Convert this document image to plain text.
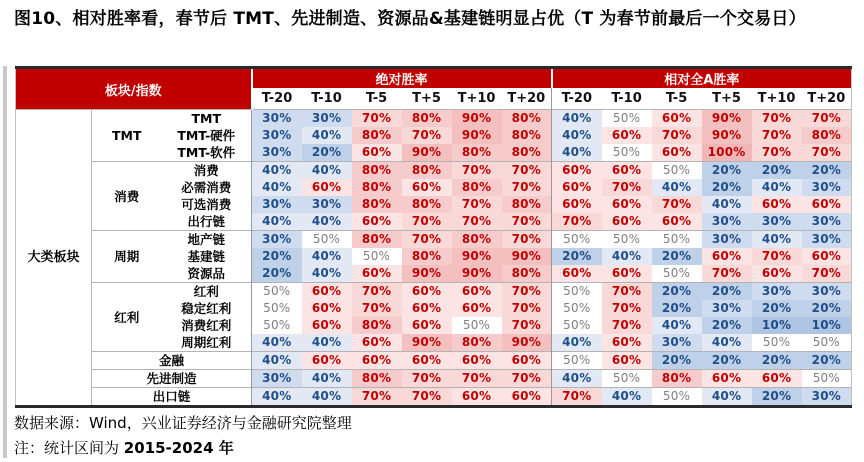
图10、相对胜率看，春节后 TMT、先进制造、资源品&基建链明显占优（T 为春节前最后一个交易日）
板块/指数			绝对胜率						相对全A胜率					
			T-20	T-10	T-5	T+5	T+10	T+20	T-20	T-10	T-5	T+5	T+10	T+20
大类板块	TMT	TMT	30%	30%	70%	80%	90%	80%	40%	50%	60%	90%	70%	70%
		TMT-硬件	30%	40%	80%	70%	90%	80%	40%	60%	70%	90%	70%	80%
		TMT-软件	30%	20%	60%	90%	80%	80%	40%	50%	60%	100%	70%	70%
	消费	消费	40%	40%	80%	80%	70%	70%	60%	60%	50%	20%	20%	20%
		必需消费	40%	60%	80%	60%	80%	70%	60%	70%	40%	20%	40%	30%
		可选消费	30%	30%	80%	80%	70%	80%	60%	60%	70%	40%	60%	60%
		出行链	40%	40%	60%	70%	70%	70%	70%	60%	60%	30%	30%	30%
	周期	地产链	30%	50%	80%	70%	80%	70%	50%	50%	50%	30%	40%	30%
		基建链	20%	40%	50%	80%	90%	90%	20%	40%	20%	60%	70%	60%
		资源品	20%	40%	60%	90%	90%	80%	60%	60%	50%	70%	60%	70%
	红利	红利	50%	60%	70%	60%	60%	70%	50%	70%	20%	20%	30%	30%
		稳定红利	50%	60%	70%	60%	60%	70%	50%	70%	20%	30%	20%	20%
		消费红利	50%	60%	80%	60%	50%	70%	50%	70%	40%	20%	10%	10%
		周期红利	40%	40%	60%	90%	80%	90%	40%	60%	30%	40%	50%	50%
	金融		40%	60%	60%	60%	60%	60%	50%	60%	20%	20%	20%	20%
	先进制造		30%	40%	80%	70%	70%	70%	40%	50%	80%	60%	60%	50%
	出口链		40%	40%	70%	70%	60%	60%	70%	40%	50%	40%	20%	30%
数据来源：Wind，兴业证券经济与金融研究院整理
注：统计区间为 2015-2024 年
